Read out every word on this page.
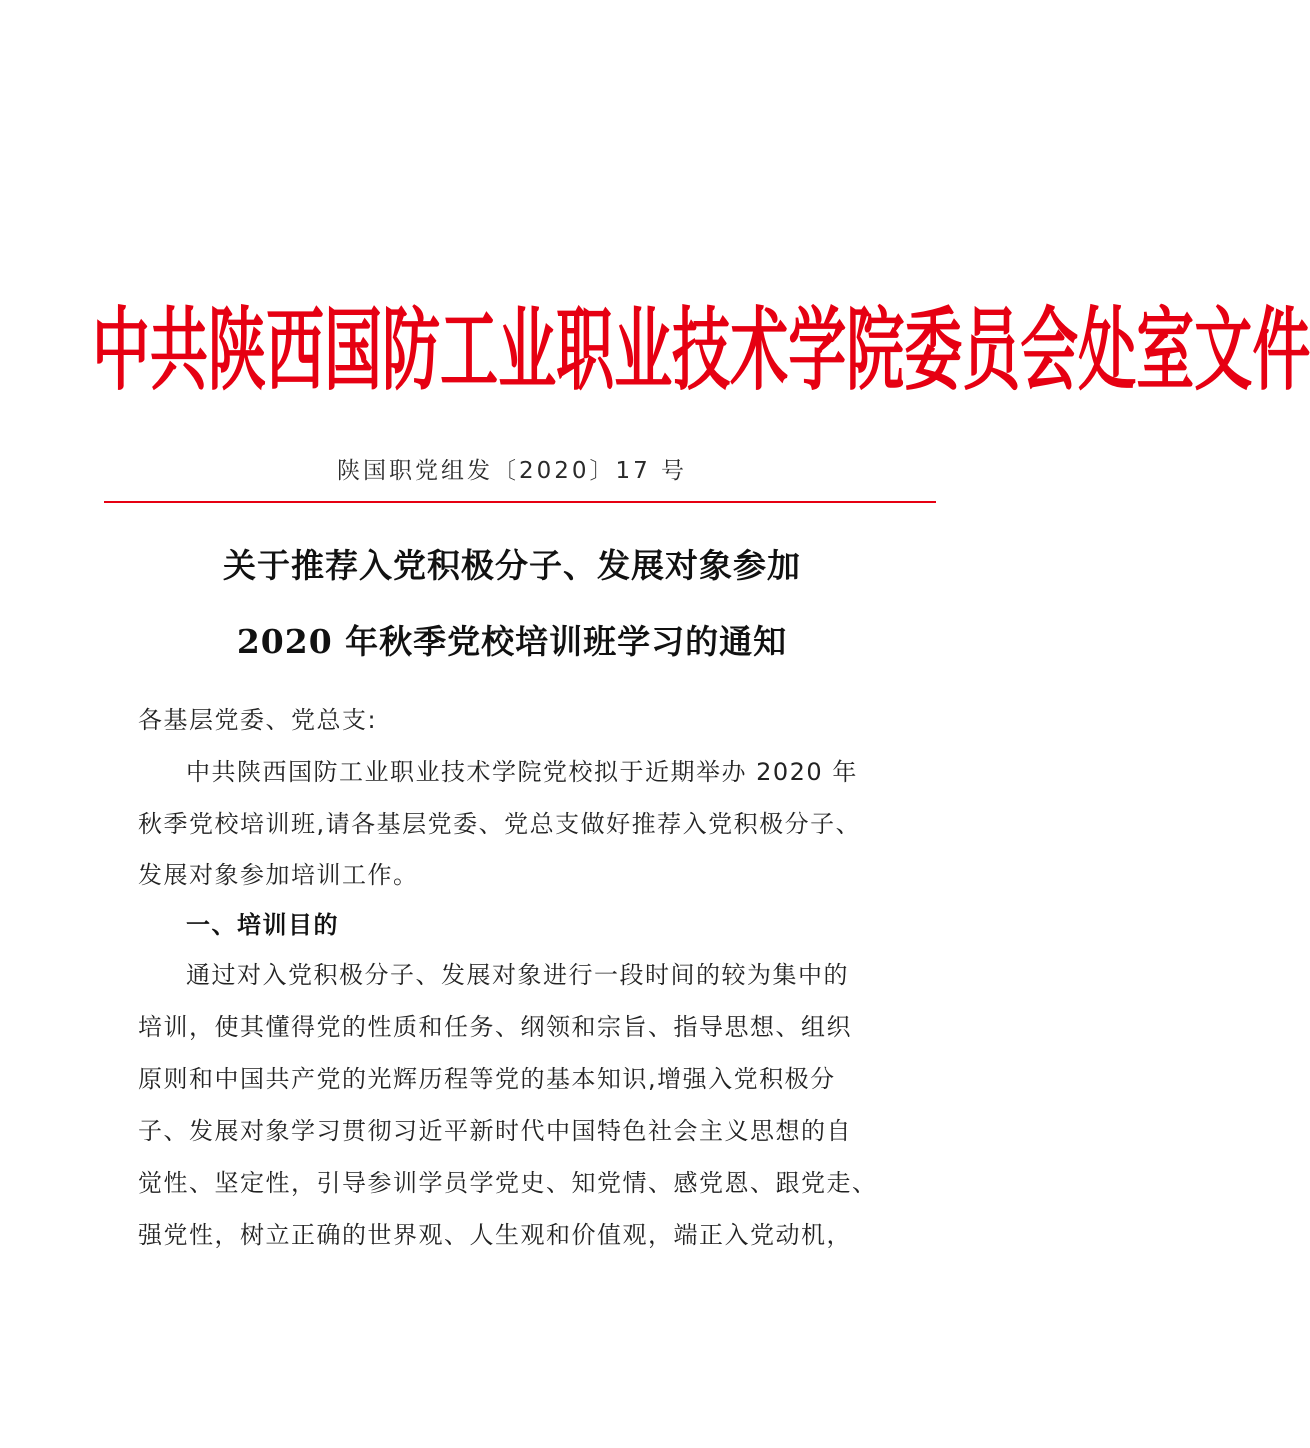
中 共 陕 西 国 防 工 业 职 业 技 术 学 院 委 员 会 处 室 文 件
陕国职党组发〔2020〕17 号
关于推荐入党积极分子、发展对象参加
2020 年秋季党校培训班学习的通知
各基层党委、党总支:
中共陕西国防工业职业技术学院党校拟于近期举办 2020 年
秋季党校培训班,请各基层党委、党总支做好推荐入党积极分子、
发展对象参加培训工作。
一、培训目的
通过对入党积极分子、发展对象进行一段时间的较为集中的
培训，使其懂得党的性质和任务、纲领和宗旨、指导思想、组织
原则和中国共产党的光辉历程等党的基本知识,增强入党积极分
子、发展对象学习贯彻习近平新时代中国特色社会主义思想的自
觉性、坚定性，引导参训学员学党史、知党情、感党恩、跟党走、
强党性，树立正确的世界观、人生观和价值观，端正入党动机，
